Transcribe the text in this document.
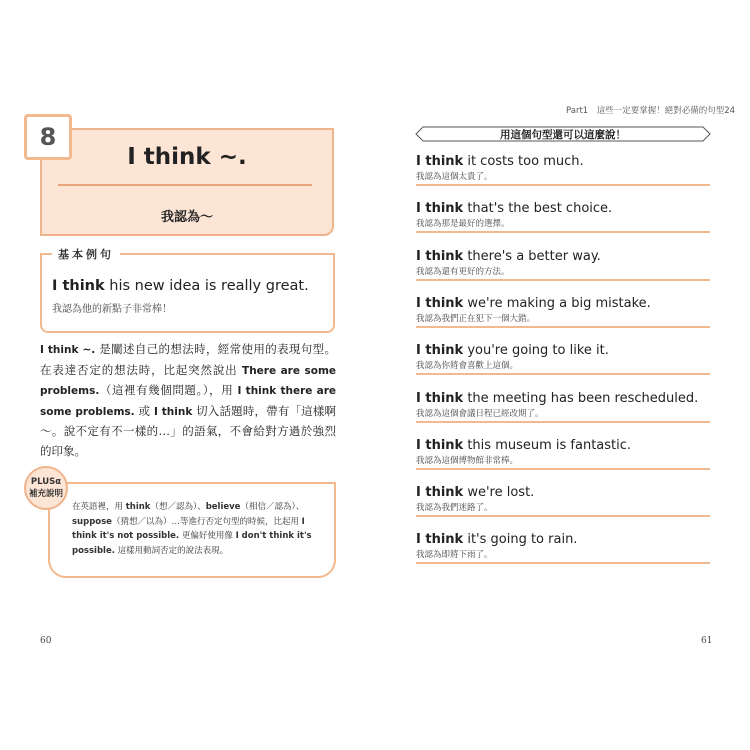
8
I think ~.
我認為～
基本例句
I think his new idea is really great.
我認為他的新點子非常棒！
I think ~. 是闡述自己的想法時，經常使用的表現句型。在表達否定的想法時，比起突然說出 There are some problems.（這裡有幾個問題。），用 I think there are some problems. 或 I think 切入話題時，帶有「這樣啊～。說不定有不一樣的…」的語氣，不會給對方過於強烈的印象。
PLUSα
補充說明
在英語裡，用 think（想／認為）、believe（相信／認為）、suppose（猜想／以為）…等進行否定句型的時候，比起用 I think it's not possible. 更偏好使用像 I don't think it's possible. 這樣用動詞否定的說法表現。
60
Part1　這些一定要掌握！絕對必備的句型24
用這個句型還可以這麼說！
I think it costs too much.
我認為這個太貴了。
I think that's the best choice.
我認為那是最好的選擇。
I think there's a better way.
我認為還有更好的方法。
I think we're making a big mistake.
我認為我們正在犯下一個大錯。
I think you're going to like it.
我認為你將會喜歡上這個。
I think the meeting has been rescheduled.
我認為這個會議日程已經改期了。
I think this museum is fantastic.
我認為這個博物館非常棒。
I think we're lost.
我認為我們迷路了。
I think it's going to rain.
我認為即將下雨了。
61
